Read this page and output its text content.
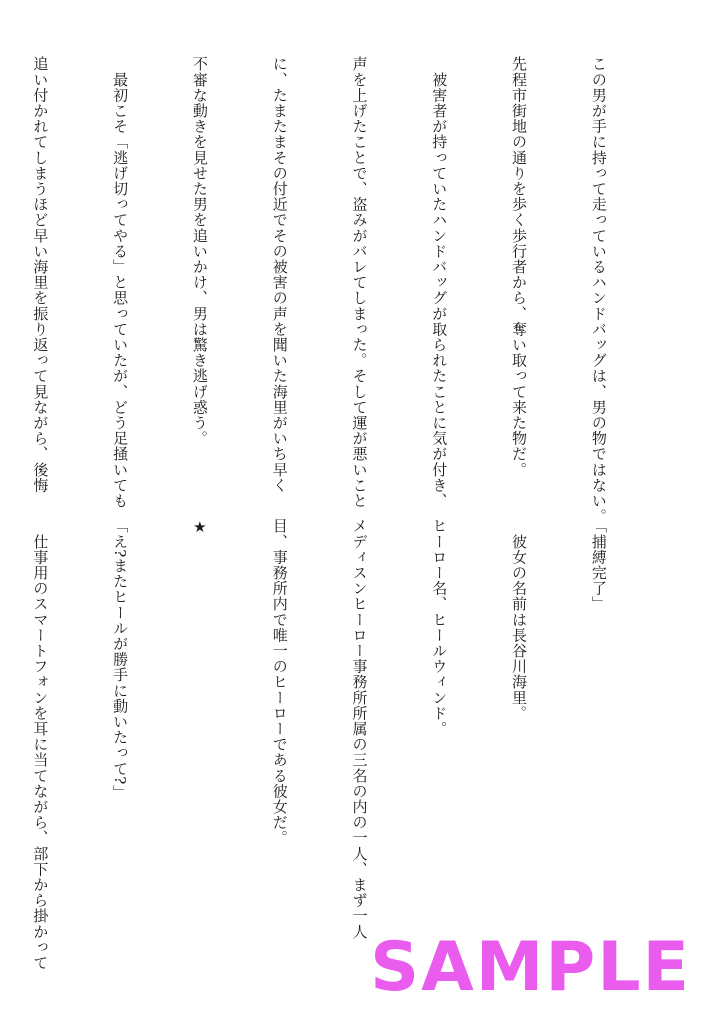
この男が手に持って走っているハンドバッグは、男の物ではない。

先程市街地の通りを歩く歩行者から、奪い取って来た物だ。

　被害者が持っていたハンドバッグが取られたことに気が付き、

声を上げたことで、盗みがバレてしまった。そして運が悪いこと

に、たまたまその付近でその被害の声を聞いた海里がいち早く

不審な動きを見せた男を追いかけ、男は驚き逃げ惑う。

　最初こそ「逃げ切ってやる」と思っていたが、どう足掻いても

追い付かれてしまうほど早い海里を振り返って見ながら、後悔

「捕縛完了」

　彼女の名前は長谷川海里。

ヒーロー名、ヒールウィンド。

メディスンヒーロー事務所所属の三名の内の一人、まず一人

目、事務所内で唯一のヒーローである彼女だ。

★

「え?またヒールが勝手に動いたって?」

　仕事用のスマートフォンを耳に当てながら、部下から掛かって

	SAMPLE
